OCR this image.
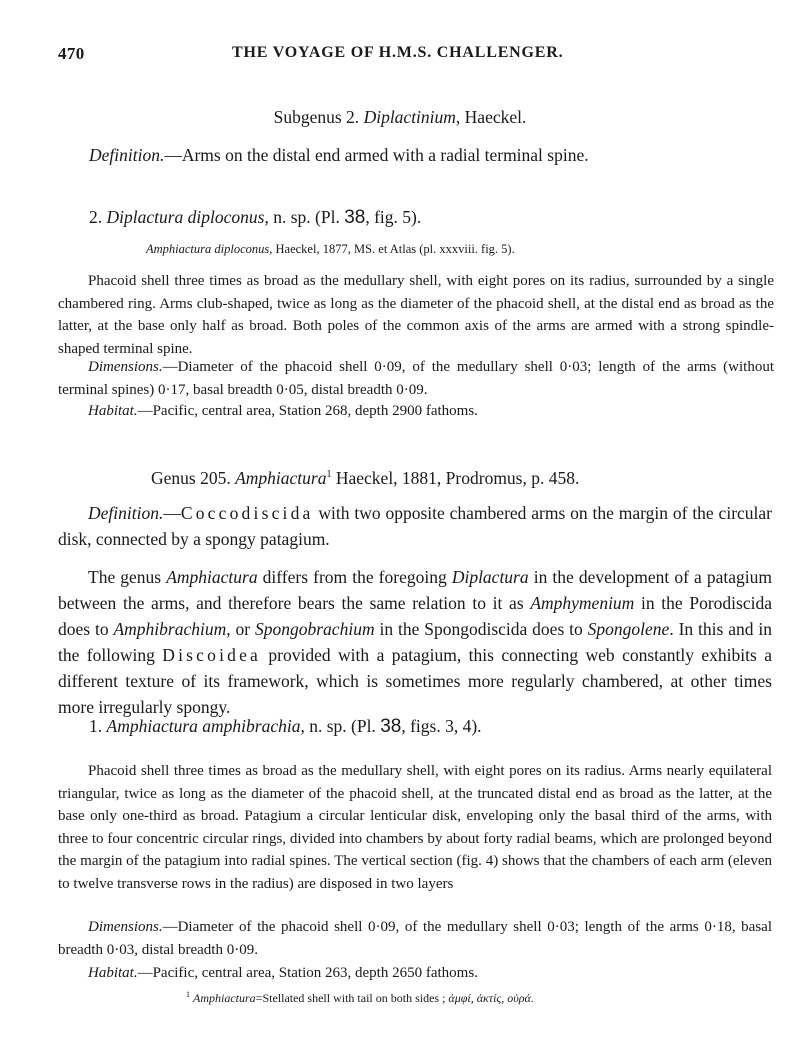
470	THE VOYAGE OF H.M.S. CHALLENGER.
Subgenus 2. Diplactinium, Haeckel.
Definition.—Arms on the distal end armed with a radial terminal spine.
2. Diplactura diploconus, n. sp. (Pl. 38, fig. 5).
Amphiactura diploconus, Haeckel, 1877, MS. et Atlas (pl. xxxviii. fig. 5).

Phacoid shell three times as broad as the medullary shell, with eight pores on its radius, surrounded by a single chambered ring. Arms club-shaped, twice as long as the diameter of the phacoid shell, at the distal end as broad as the latter, at the base only half as broad. Both poles of the common axis of the arms are armed with a strong spindle-shaped terminal spine.

Dimensions.—Diameter of the phacoid shell 0·09, of the medullary shell 0·03; length of the arms (without terminal spines) 0·17, basal breadth 0·05, distal breadth 0·09.

Habitat.—Pacific, central area, Station 268, depth 2900 fathoms.
Genus 205. Amphiactura$^1$ Haeckel, 1881, Prodromus, p. 458.

Definition.—Coccodiscida with two opposite chambered arms on the margin of the circular disk, connected by a spongy patagium.

The genus Amphiactura differs from the foregoing Diplactura in the development of a patagium between the arms, and therefore bears the same relation to it as Amphymenium in the Porodiscida does to Amphibrachium, or Spongobrachium in the Spongodiscida does to Spongolene. In this and in the following Discoidea provided with a patagium, this connecting web constantly exhibits a different texture of its framework, which is sometimes more regularly chambered, at other times more irregularly spongy.

1. Amphiactura amphibrachia, n. sp. (Pl. 38, figs. 3, 4).

Phacoid shell three times as broad as the medullary shell, with eight pores on its radius. Arms nearly equilateral triangular, twice as long as the diameter of the phacoid shell, at the truncated distal end as broad as the latter, at the base only one-third as broad. Patagium a circular lenticular disk, enveloping only the basal third of the arms, with three to four concentric circular rings, divided into chambers by about forty radial beams, which are prolonged beyond the margin of the patagium into radial spines. The vertical section (fig. 4) shows that the chambers of each arm (eleven to twelve transverse rows in the radius) are disposed in two layers

Dimensions.—Diameter of the phacoid shell 0·09, of the medullary shell 0·03; length of the arms 0·18, basal breadth 0·03, distal breadth 0·09.

Habitat.—Pacific, central area, Station 263, depth 2650 fathoms.
$^1$ Amphiactura=Stellated shell with tail on both sides ; ἀμφί, ἀκτίς, οὐρά.
